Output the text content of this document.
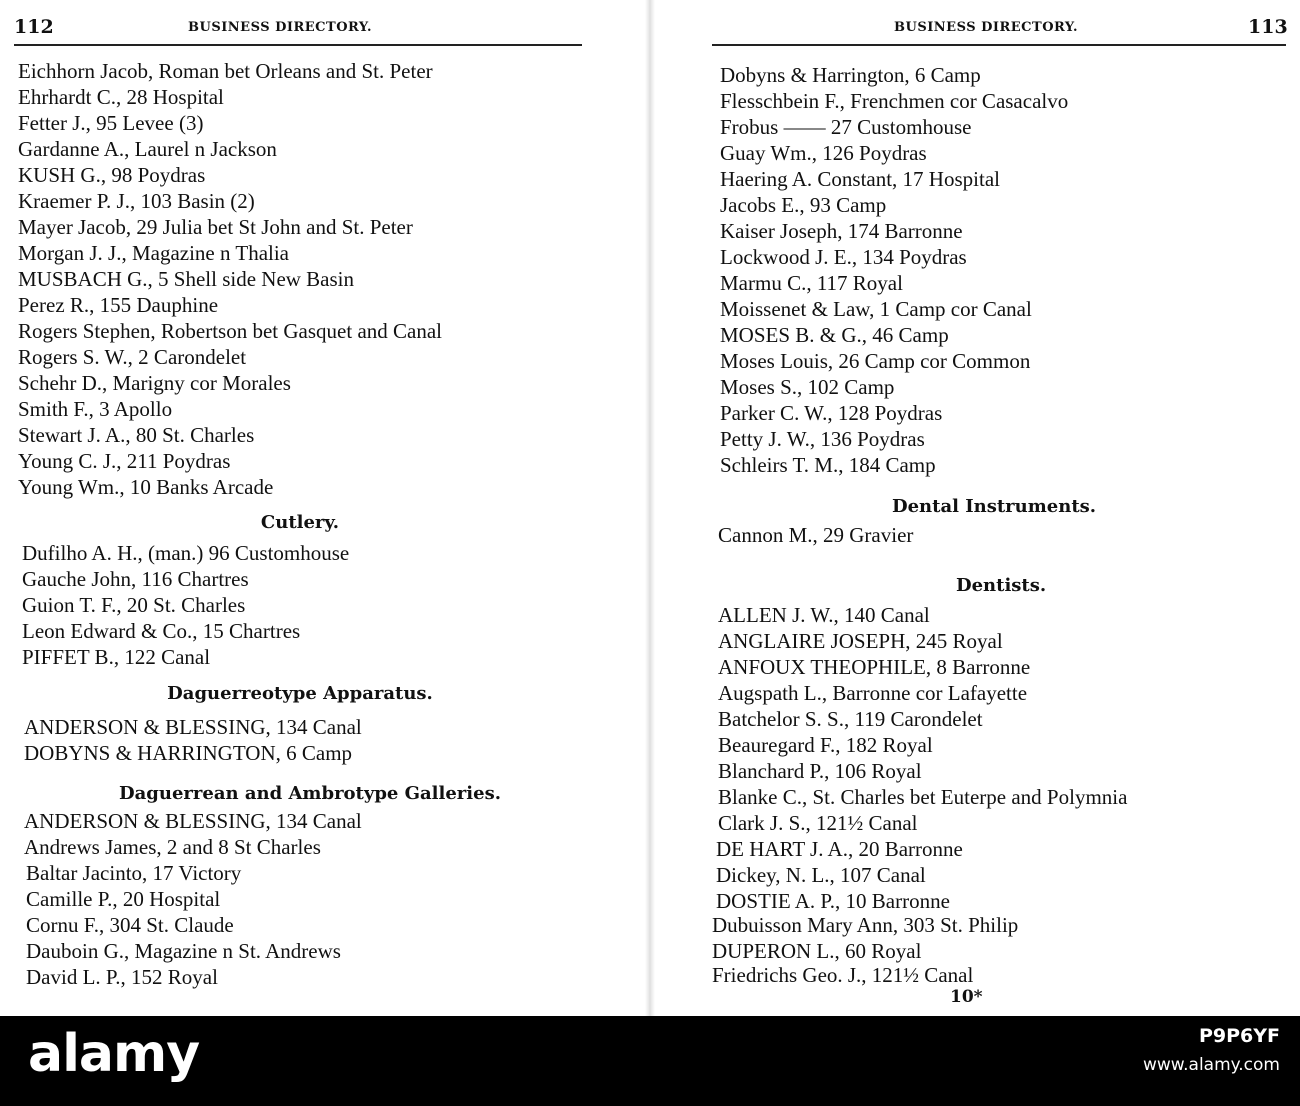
112	BUSINESS DIRECTORY.
Eichhorn Jacob, Roman bet Orleans and St. Peter
Ehrhardt C., 28 Hospital
Fetter J., 95 Levee (3)
Gardanne A., Laurel n Jackson
KUSH G., 98 Poydras
Kraemer P. J., 103 Basin (2)
Mayer Jacob, 29 Julia bet St John and St. Peter
Morgan J. J., Magazine n Thalia
MUSBACH G., 5 Shell side New Basin
Perez R., 155 Dauphine
Rogers Stephen, Robertson bet Gasquet and Canal
Rogers S. W., 2 Carondelet
Schehr D., Marigny cor Morales
Smith F., 3 Apollo
Stewart J. A., 80 St. Charles
Young C. J., 211 Poydras
Young Wm., 10 Banks Arcade
Cutlery.
Dufilho A. H., (man.) 96 Customhouse
Gauche John, 116 Chartres
Guion T. F., 20 St. Charles
Leon Edward & Co., 15 Chartres
PIFFET B., 122 Canal
Daguerreotype Apparatus.
ANDERSON & BLESSING, 134 Canal
DOBYNS & HARRINGTON, 6 Camp
Daguerrean and Ambrotype Galleries.
ANDERSON & BLESSING, 134 Canal
Andrews James, 2 and 8 St Charles
Baltar Jacinto, 17 Victory
Camille P., 20 Hospital
Cornu F., 304 St. Claude
Dauboin G., Magazine n St. Andrews
David L. P., 152 Royal
BUSINESS DIRECTORY.	113
Dobyns & Harrington, 6 Camp
Flesschbein F., Frenchmen cor Casacalvo
Frobus —— 27 Customhouse
Guay Wm., 126 Poydras
Haering A. Constant, 17 Hospital
Jacobs E., 93 Camp
Kaiser Joseph, 174 Barronne
Lockwood J. E., 134 Poydras
Marmu C., 117 Royal
Moissenet & Law, 1 Camp cor Canal
MOSES B. & G., 46 Camp
Moses Louis, 26 Camp cor Common
Moses S., 102 Camp
Parker C. W., 128 Poydras
Petty J. W., 136 Poydras
Schleirs T. M., 184 Camp
Dental Instruments.
Cannon M., 29 Gravier
Dentists.
ALLEN J. W., 140 Canal
ANGLAIRE JOSEPH, 245 Royal
ANFOUX THEOPHILE, 8 Barronne
Augspath L., Barronne cor Lafayette
Batchelor S. S., 119 Carondelet
Beauregard F., 182 Royal
Blanchard P., 106 Royal
Blanke C., St. Charles bet Euterpe and Polymnia
Clark J. S., 121½ Canal
DE HART J. A., 20 Barronne
Dickey, N. L., 107 Canal
DOSTIE A. P., 10 Barronne
Dubuisson Mary Ann, 303 St. Philip
DUPERON L., 60 Royal
Friedrichs Geo. J., 121½ Canal
10*
alamy	P9P6YF
www.alamy.com
